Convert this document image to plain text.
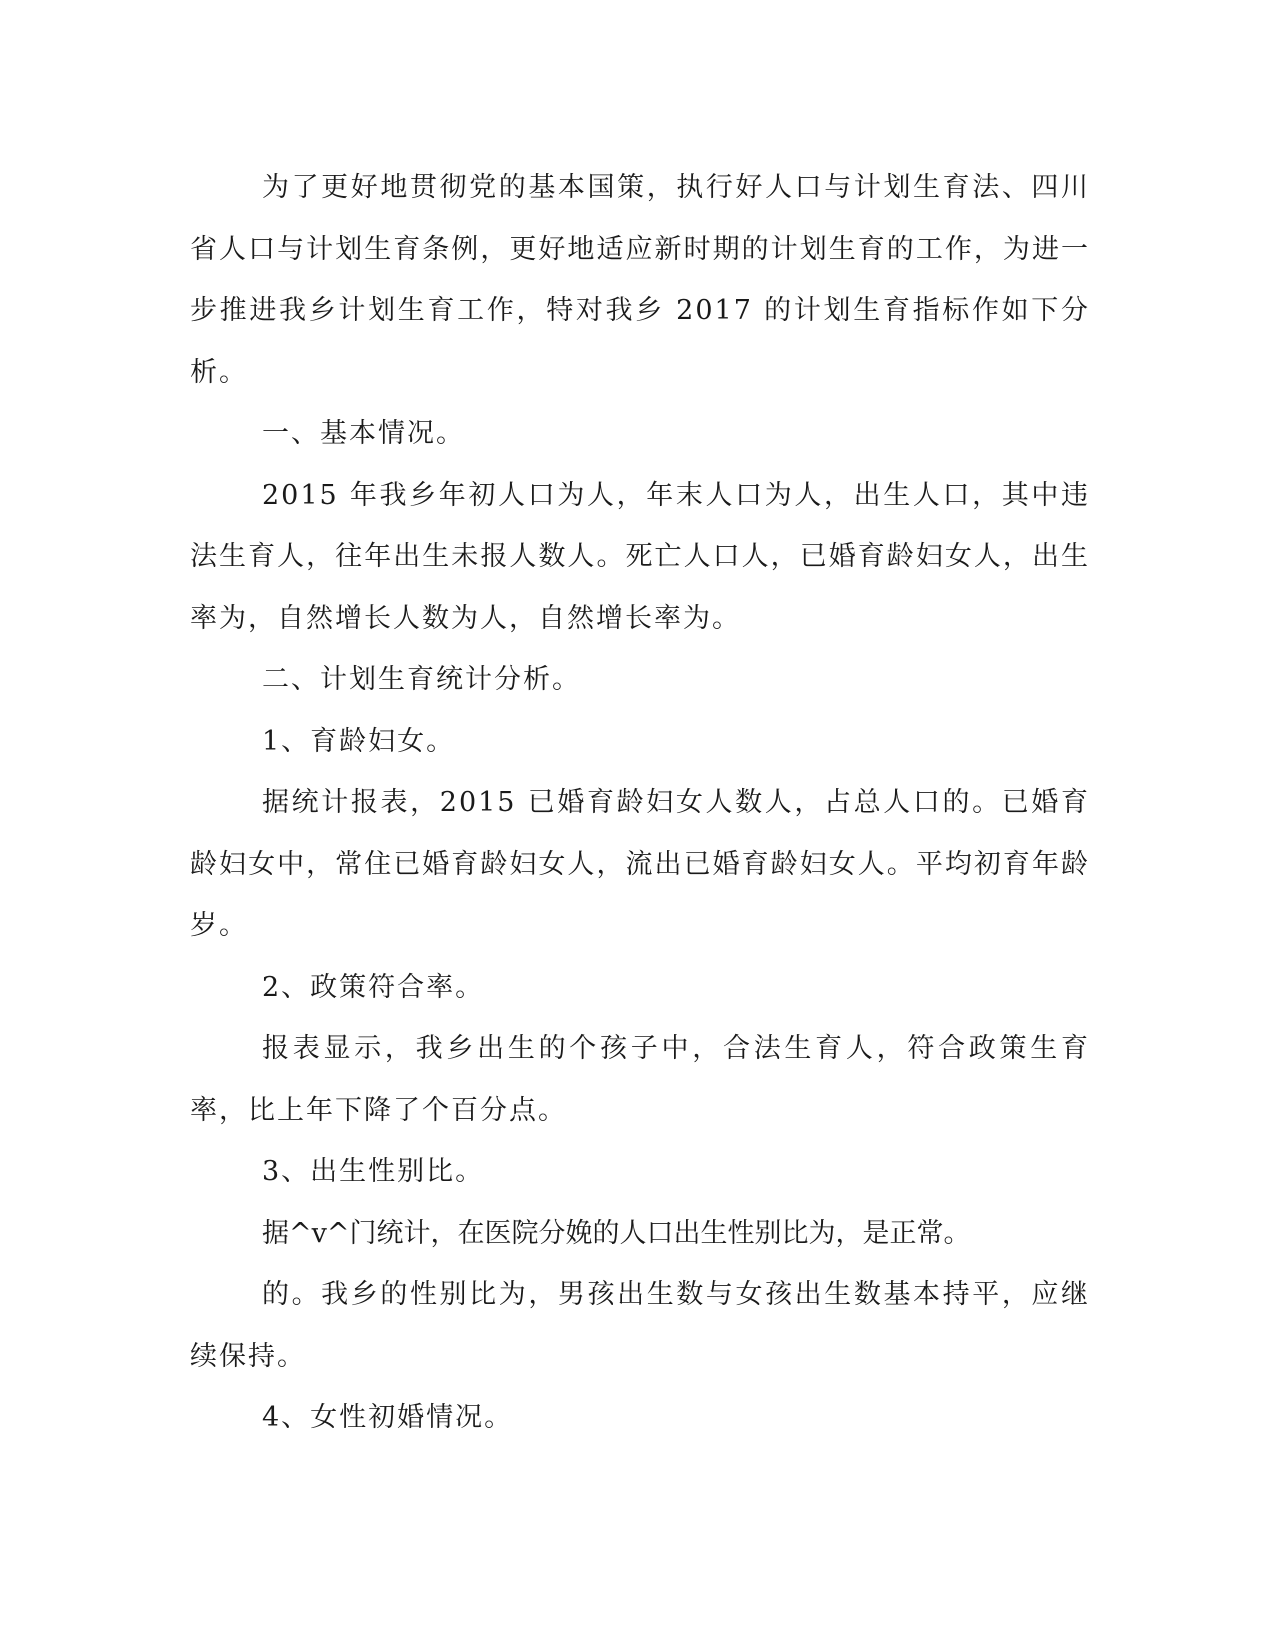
为了更好地贯彻党的基本国策，执行好人口与计划生育法、四川省人口与计划生育条例，更好地适应新时期的计划生育的工作，为进一步推进我乡计划生育工作，特对我乡 2017 的计划生育指标作如下分析。

一、基本情况。

2015 年我乡年初人口为人，年末人口为人，出生人口，其中违法生育人，往年出生未报人数人。死亡人口人，已婚育龄妇女人，出生率为，自然增长人数为人，自然增长率为。

二、计划生育统计分析。

1、育龄妇女。

据统计报表，2015 已婚育龄妇女人数人，占总人口的。已婚育龄妇女中，常住已婚育龄妇女人，流出已婚育龄妇女人。平均初育年龄岁。

2、政策符合率。

报表显示，我乡出生的个孩子中，合法生育人，符合政策生育率，比上年下降了个百分点。

3、出生性别比。

据^v^门统计，在医院分娩的人口出生性别比为，是正常。

的。我乡的性别比为，男孩出生数与女孩出生数基本持平，应继续保持。

4、女性初婚情况。
